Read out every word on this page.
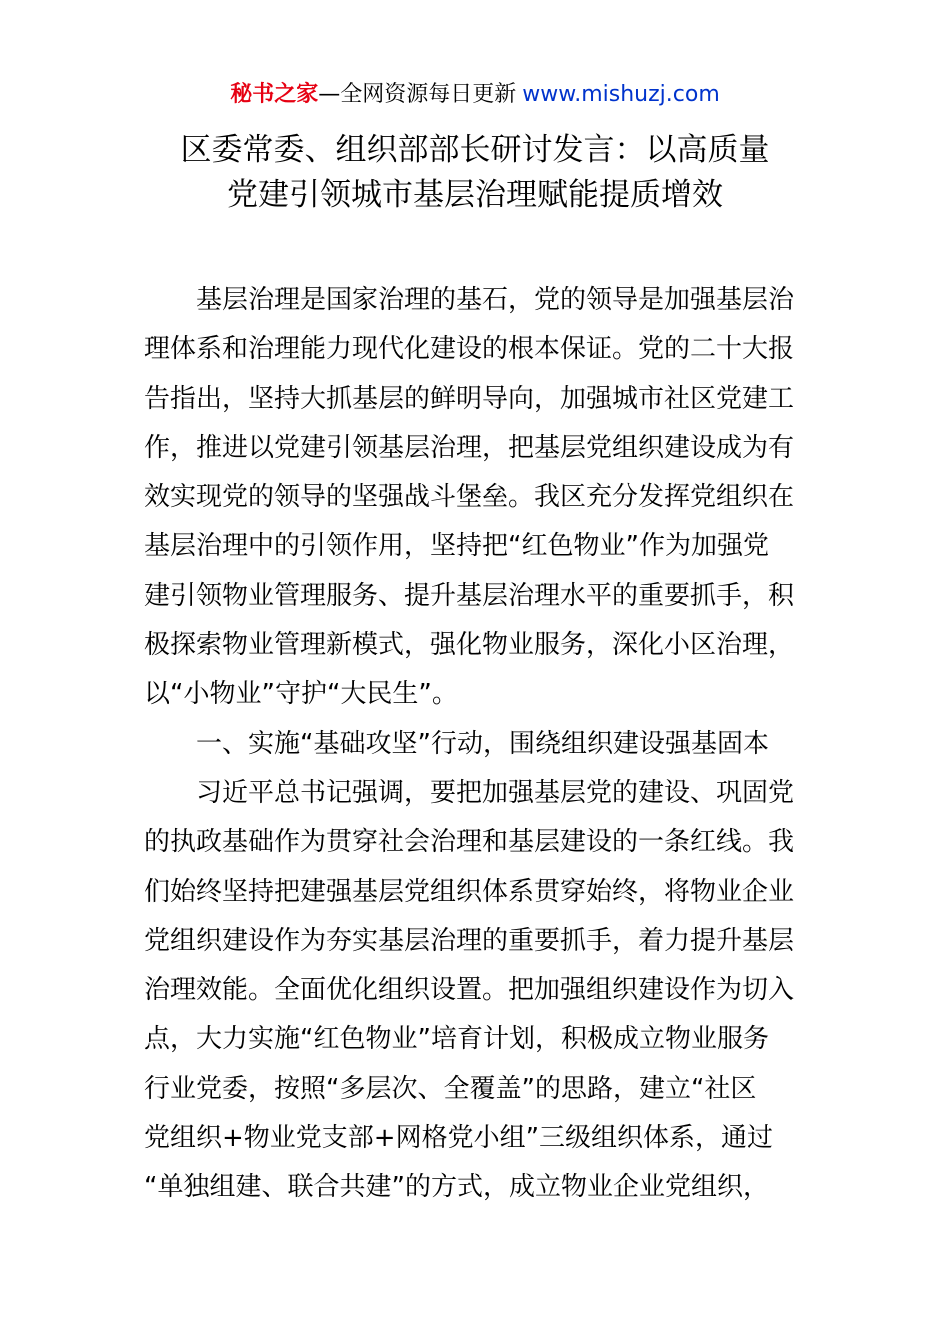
秘书之家—全网资源每日更新 www.mishuzj.com
区委常委、组织部部长研讨发言：以高质量
党建引领城市基层治理赋能提质增效
基层治理是国家治理的基石，党的领导是加强基层治
理体系和治理能力现代化建设的根本保证。党的二十大报
告指出，坚持大抓基层的鲜明导向，加强城市社区党建工
作，推进以党建引领基层治理，把基层党组织建设成为有
效实现党的领导的坚强战斗堡垒。我区充分发挥党组织在
基层治理中的引领作用，坚持把“红色物业”作为加强党
建引领物业管理服务、提升基层治理水平的重要抓手，积
极探索物业管理新模式，强化物业服务，深化小区治理，
以“小物业”守护“大民生”。
一、实施“基础攻坚”行动，围绕组织建设强基固本
习近平总书记强调，要把加强基层党的建设、巩固党
的执政基础作为贯穿社会治理和基层建设的一条红线。我
们始终坚持把建强基层党组织体系贯穿始终，将物业企业
党组织建设作为夯实基层治理的重要抓手，着力提升基层
治理效能。全面优化组织设置。把加强组织建设作为切入
点，大力实施“红色物业”培育计划，积极成立物业服务
行业党委，按照“多层次、全覆盖”的思路，建立“社区
党组织+物业党支部+网格党小组”三级组织体系，通过
“单独组建、联合共建”的方式，成立物业企业党组织，
